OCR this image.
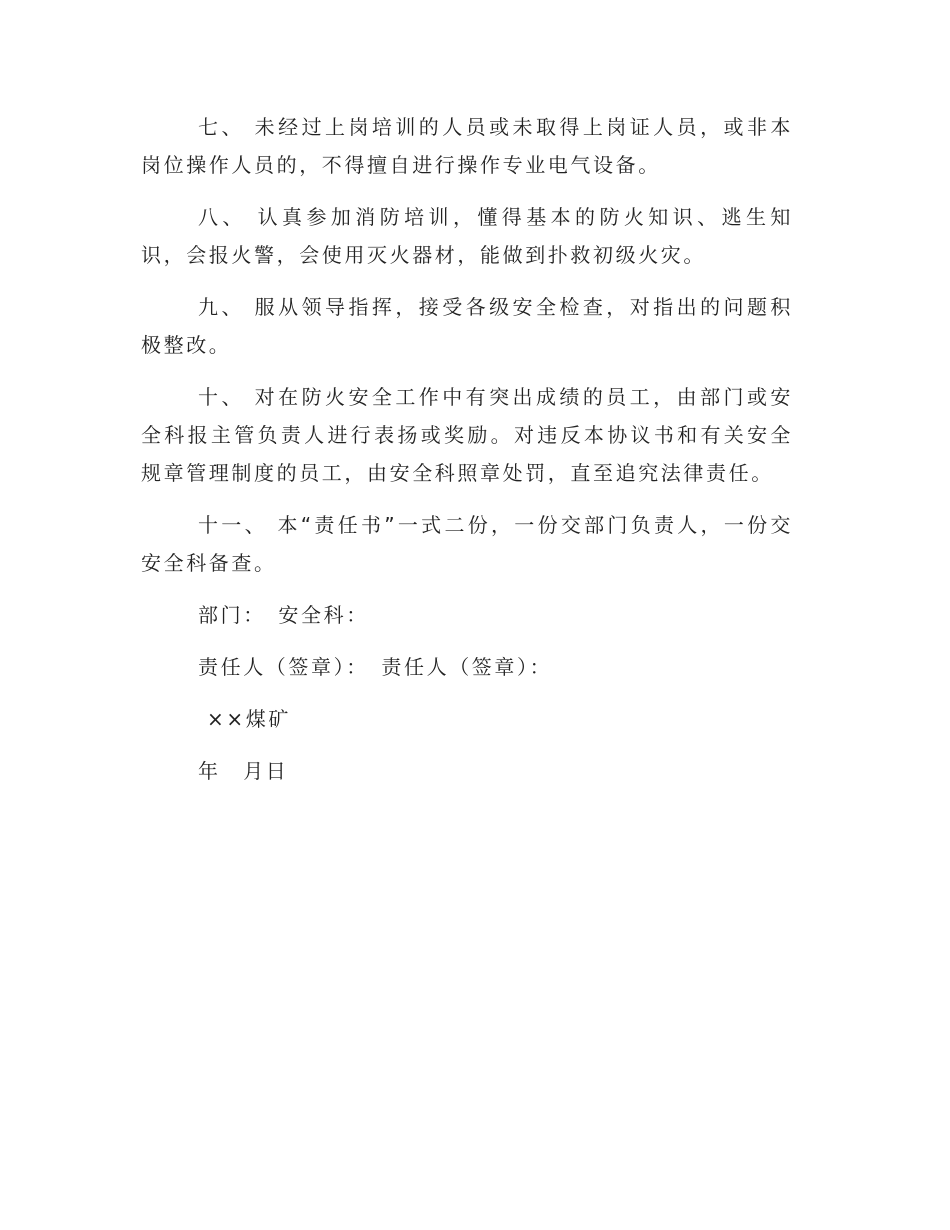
七、 未经过上岗培训的人员或未取得上岗证人员，或非本岗位操作人员的，不得擅自进行操作专业电气设备。

八、 认真参加消防培训，懂得基本的防火知识、逃生知识，会报火警，会使用灭火器材，能做到扑救初级火灾。

九、 服从领导指挥，接受各级安全检查，对指出的问题积极整改。

十、 对在防火安全工作中有突出成绩的员工，由部门或安全科报主管负责人进行表扬或奖励。对违反本协议书和有关安全规章管理制度的员工，由安全科照章处罚，直至追究法律责任。

十一、 本“责任书”一式二份，一份交部门负责人，一份交安全科备查。

部门：　安全科：
责任人（签章）：　责任人（签章）：
××煤矿
年　月日
